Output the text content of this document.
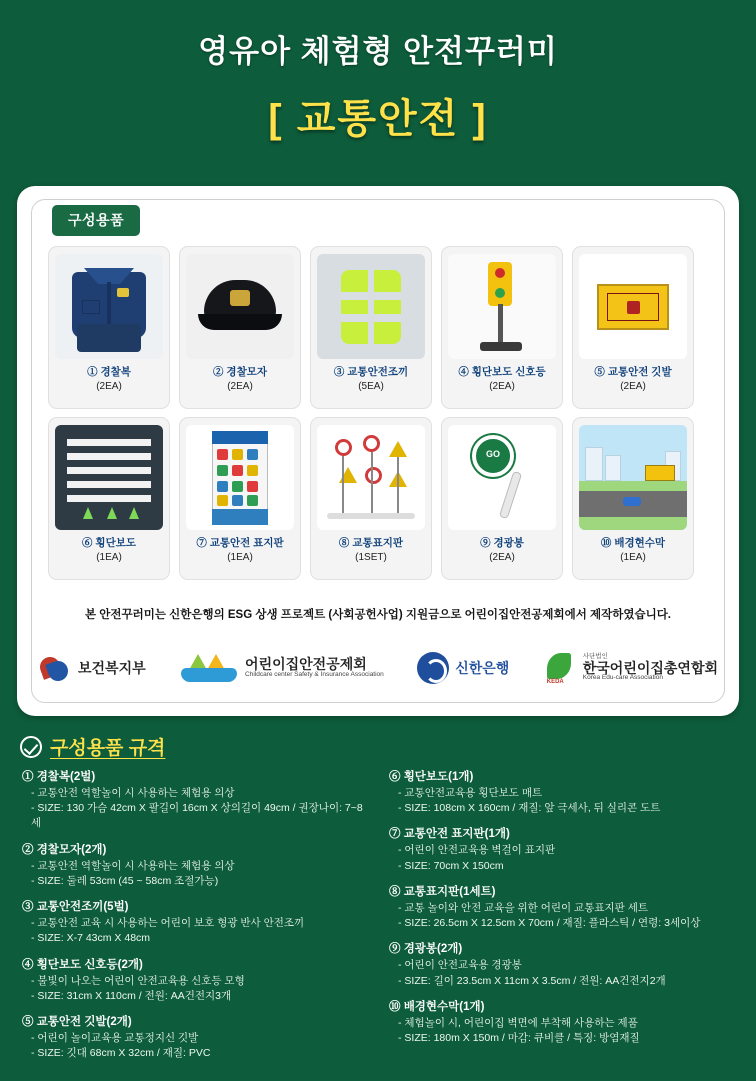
영유아 체험형 안전꾸러미
[ 교통안전 ]
구성용품
① 경찰복
(2EA)
② 경찰모자
(2EA)
③ 교통안전조끼
(5EA)
④ 횡단보도 신호등
(2EA)
⑤ 교통안전 깃발
(2EA)
⑥ 횡단보도
(1EA)
⑦ 교통안전 표지판
(1EA)
⑧ 교통표지판
(1SET)
GO
⑨ 경광봉
(2EA)
⑩ 배경현수막
(1EA)
본 안전꾸러미는 신한은행의 ESG 상생 프로젝트 (사회공헌사업) 지원금으로 어린이집안전공제회에서 제작하였습니다.
보건복지부	어린이집안전공제회
Childcare center Safety & Insurance Association	신한은행
KEDA
사단법인
한국어린이집총연합회
Korea Edu-care Association
구성용품 규격
① 경찰복(2벌)
- 교통안전 역할놀이 시 사용하는 체험용 의상
- SIZE: 130 가슴 42cm X 팔길이 16cm X 상의길이 49cm / 권장나이: 7~8세
② 경찰모자(2개)
- 교통안전 역할놀이 시 사용하는 체험용 의상
- SIZE: 둘레 53cm (45 ~ 58cm 조절가능)
③ 교통안전조끼(5벌)
- 교통안전 교육 시 사용하는 어린이 보호 형광 반사 안전조끼
- SIZE: X-7 43cm X 48cm
④ 횡단보도 신호등(2개)
- 불빛이 나오는 어린이 안전교육용 신호등 모형
- SIZE: 31cm X 110cm / 전원: AA건전지3개
⑤ 교통안전 깃발(2개)
- 어린이 놀이교육용 교통정지신 깃발
- SIZE: 깃대 68cm X 32cm / 재질: PVC
⑥ 횡단보도(1개)
- 교통안전교육용 횡단보도 매트
- SIZE: 108cm X 160cm / 재질: 앞 극세사, 뒤 실리콘 도트
⑦ 교통안전 표지판(1개)
- 어린이 안전교육용 벽걸이 표지판
- SIZE: 70cm X 150cm
⑧ 교통표지판(1세트)
- 교통 놀이와 안전 교육을 위한 어린이 교통표지판 세트
- SIZE: 26.5cm X 12.5cm X 70cm / 재질: 플라스틱 / 연령: 3세이상
⑨ 경광봉(2개)
- 어린이 안전교육용 경광봉
- SIZE: 길이 23.5cm X 11cm X 3.5cm / 전원: AA건전지2개
⑩ 배경현수막(1개)
- 체험놀이 시, 어린이집 벽면에 부착해 사용하는 제품
- SIZE: 180m X 150m / 마감: 큐비클 / 특징: 방염재질
